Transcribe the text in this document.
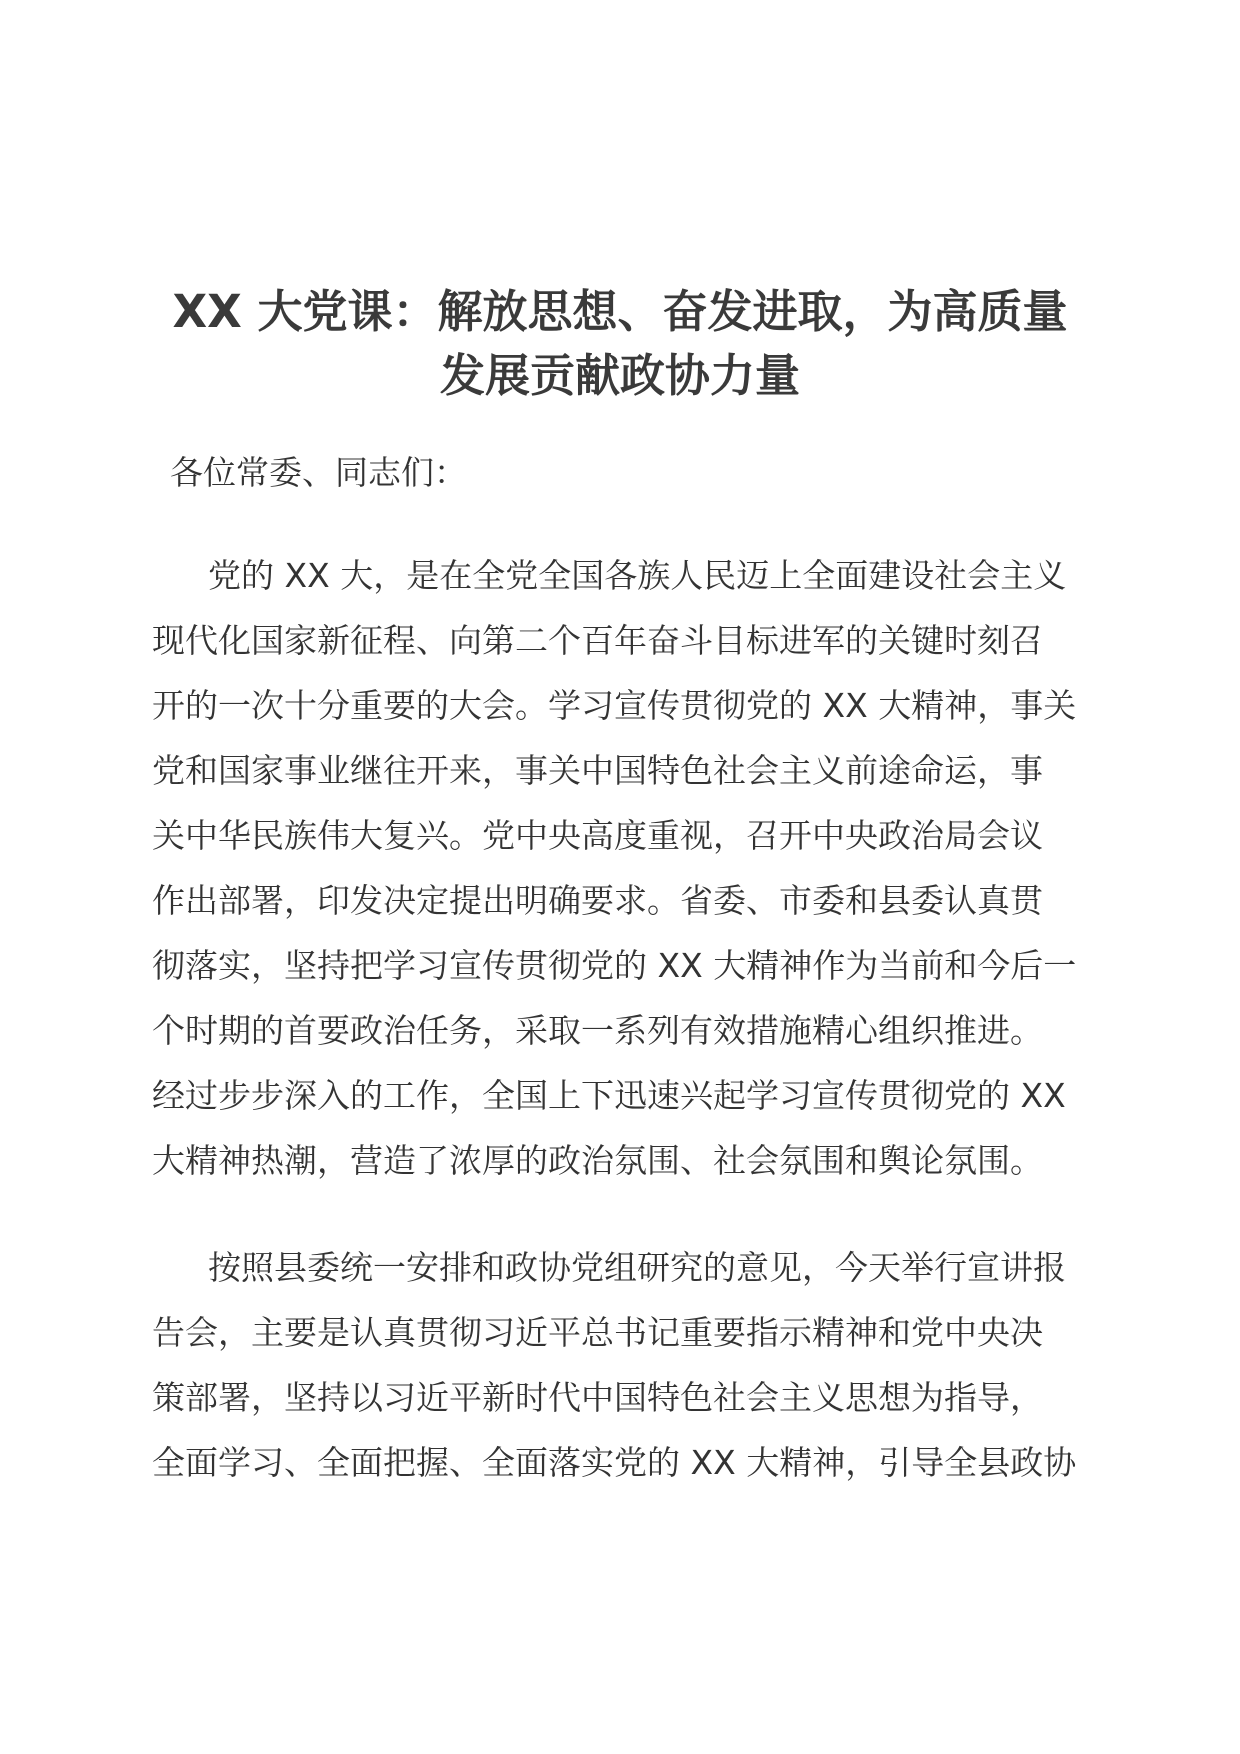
XX 大党课：解放思想、奋发进取，为高质量
发展贡献政协力量

各位常委、同志们：

党的 XX 大，是在全党全国各族人民迈上全面建设社会主义
现代化国家新征程、向第二个百年奋斗目标进军的关键时刻召
开的一次十分重要的大会。学习宣传贯彻党的 XX 大精神，事关
党和国家事业继往开来，事关中国特色社会主义前途命运，事
关中华民族伟大复兴。党中央高度重视，召开中央政治局会议
作出部署，印发决定提出明确要求。省委、市委和县委认真贯
彻落实，坚持把学习宣传贯彻党的 XX 大精神作为当前和今后一
个时期的首要政治任务，采取一系列有效措施精心组织推进。
经过步步深入的工作，全国上下迅速兴起学习宣传贯彻党的 XX
大精神热潮，营造了浓厚的政治氛围、社会氛围和舆论氛围。
按照县委统一安排和政协党组研究的意见，今天举行宣讲报
告会，主要是认真贯彻习近平总书记重要指示精神和党中央决
策部署，坚持以习近平新时代中国特色社会主义思想为指导，
全面学习、全面把握、全面落实党的 XX 大精神，引导全县政协
